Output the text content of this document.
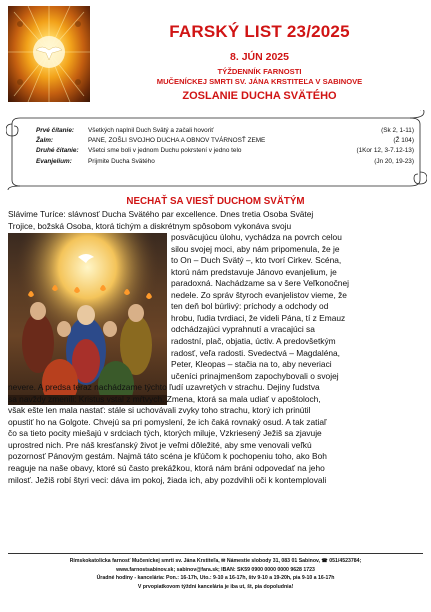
FARSKÝ LIST 23/2025
8. JÚN 2025
TÝŽDENNÍK FARNOSTI
MUČENÍCKEJ SMRTI SV. JÁNA KRSTITEĽA V SABINOVE
ZOSLANIE DUCHA SVÄTÉHO
Prvé čítanie: Všetkých naplnil Duch Svätý a začali hovoriť	(Sk 2, 1-11)
Žalm:	PANE, ZOŠLI SVOJHO DUCHA A OBNOV TVÁRNOSŤ ZEME	(Ž 104)
Druhé čítanie: Všetci sme boli v jednom Duchu pokrstení v jedno telo	(1Kor 12, 3-7.12-13)
Evanjelium:	Prijmite Ducha Svätého	(Jn 20, 19-23)
NECHAŤ SA VIESŤ DUCHOM SVÄTÝM
Slávime Turíce: slávnosť Ducha Svätého par excellence. Dnes tretia Osoba Svätej
Trojice, božská Osoba, ktorá tichým a diskrétnym spôsobom vykonáva svoju
posväcujúcu úlohu, vychádza na povrch celou
silou svojej moci, aby nám pripomenula, že je
to On – Duch Svätý –, kto tvorí Cirkev. Scéna,
ktorú nám predstavuje Jánovo evanjelium, je
paradoxná. Nachádzame sa v šere Veľkonočnej
nedele. Zo správ štyroch evanjelistov vieme, že
ten deň bol búrlivý: príchody a odchody od
hrobu, ľudia tvrdiaci, že videli Pána, tí z Emauz
odchádzajúci vyprahnutí a vracajúci sa
radostní, plač, objatia, úctiv. A predovšetkým
radosť, veľa radosti. Svedectvá – Magdaléna,
Peter, Kleopas – stačia na to, aby neveriaci
učeníci prinajmenšom zapochybovali o svojej
nevere. A predsa teraz nachádzame týchto ľudí uzavretých v strachu. Dejiny ľudstva
sa navždy zmenili: Kristus vstal z mŕtvych. Zmena, ktorá sa mala udiať v apoštoloch,
však ešte len mala nastať: stále si uchovávali zvyky toho strachu, ktorý ich prinútil
opustiť ho na Golgote. Chvejú sa pri pomyslení, že ich čaká rovnaký osud. A tak zatiaľ
čo sa tieto pocity miešajú v srdciach tých, ktorých miluje, Vzkriesený Ježiš sa zjavuje
uprostred nich. Pre náš kresťanský život je veľmi dôležité, aby sme venovali veľkú
pozornosť Pánovým gestám. Najmä táto scéna je kľúčom k pochopeniu toho, ako Boh
reaguje na naše obavy, ktoré sú často prekážkou, ktorá nám bráni odpovedať na jeho
milosť. Ježiš robí štyri veci: dáva im pokoj, žiada ich, aby pozdvihli oči k kontemplovali
Rímskokatolícka farnosť Mučeníckej smrti sv. Jána Krstiteľa, ✉ Námestie slobody 31, 083 01 Sabinov, ☎ 051/4523784;
www.farnostsabinov.sk; sabinov@fara.sk; IBAN: SK59 0900 0000 0000 9628 1723
Úradné hodiny - kancelária: Pon.: 16-17h, Uto.: 9-10 a 16-17h, štv 9-10 a 19-20h, pia 9-10 a 16-17h
V prvopiatkovom týždni kancelária je iba ut, št, pia dopoludnia!
